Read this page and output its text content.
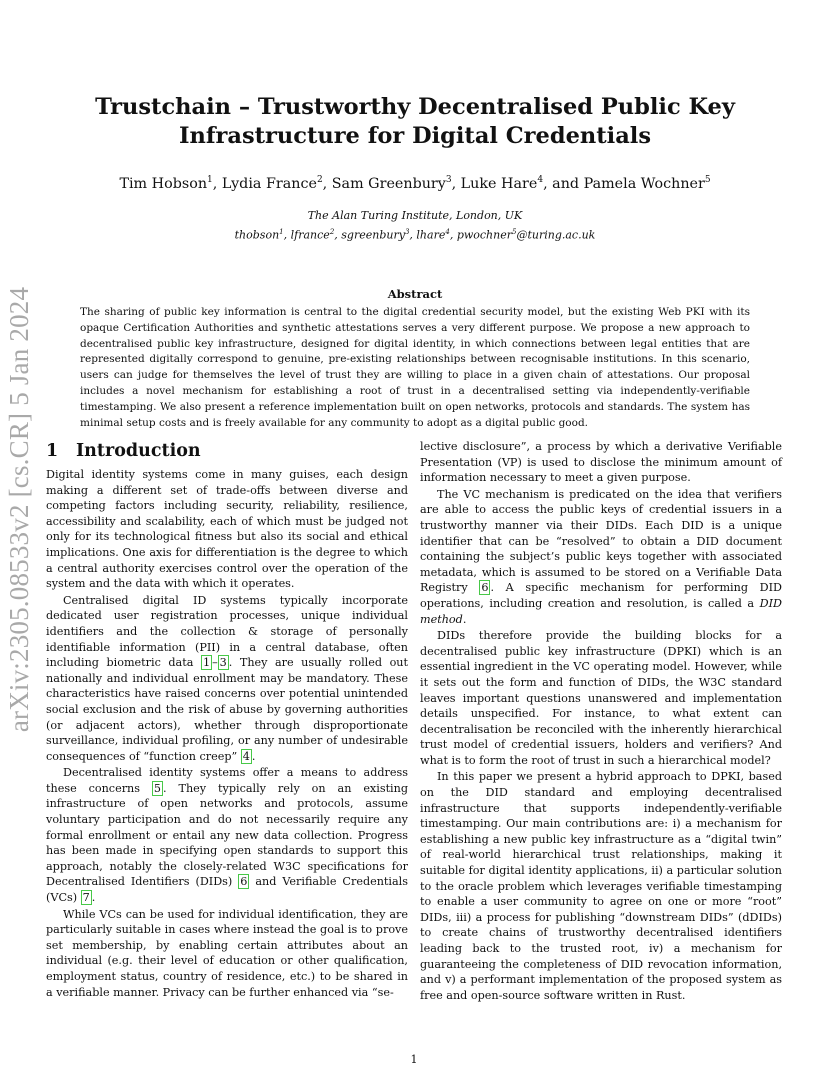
arXiv:2305.08533v2 [cs.CR] 5 Jan 2024
Trustchain – Trustworthy Decentralised Public Key Infrastructure for Digital Credentials
Tim Hobson$^1$, Lydia France$^2$, Sam Greenbury$^3$, Luke Hare$^4$, and Pamela Wochner$^5$
The Alan Turing Institute, London, UK
thobson$^1$, lfrance$^2$, sgreenbury$^3$, lhare$^4$, pwochner$^5$@turing.ac.uk
Abstract

The sharing of public key information is central to the digital credential security model, but the existing Web PKI with its opaque Certification Authorities and synthetic attestations serves a very different purpose. We propose a new approach to decentralised public key infrastructure, designed for digital identity, in which connections between legal entities that are represented digitally correspond to genuine, pre-existing relationships between recognisable institutions. In this scenario, users can judge for themselves the level of trust they are willing to place in a given chain of attestations. Our proposal includes a novel mechanism for establishing a root of trust in a decentralised setting via independently-verifiable timestamping. We also present a reference implementation built on open networks, protocols and standards. The system has minimal setup costs and is freely available for any community to adopt as a digital public good.

1 Introduction

Digital identity systems come in many guises, each design making a different set of trade-offs between diverse and competing factors including security, reliability, resilience, accessibility and scalability, each of which must be judged not only for its technological fitness but also its social and ethical implications. One axis for differentiation is the degree to which a central authority exercises control over the operation of the system and the data with which it operates.

Centralised digital ID systems typically incorporate dedicated user registration processes, unique individual identifiers and the collection & storage of personally identifiable information (PII) in a central database, often including biometric data 1 – 3 . They are usually rolled out nationally and individual enrollment may be mandatory. These characteristics have raised concerns over potential unintended social exclusion and the risk of abuse by governing authorities (or adjacent actors), whether through disproportionate surveillance, individual profiling, or any number of undesirable consequences of “function creep” 4 .

Decentralised identity systems offer a means to address these concerns 5 . They typically rely on an existing infrastructure of open networks and protocols, assume voluntary participation and do not necessarily require any formal enrollment or entail any new data collection. Progress has been made in specifying open standards to support this approach, notably the closely-related W3C specifications for Decentralised Identifiers (DIDs) 6 and Verifiable Credentials (VCs) 7 .

While VCs can be used for individual identification, they are particularly suitable in cases where instead the goal is to prove set membership, by enabling certain attributes about an individual (e.g. their level of education or other qualification, employment status, country of residence, etc.) to be shared in a verifiable manner. Privacy can be further enhanced via “se-

lective disclosure”, a process by which a derivative Verifiable Presentation (VP) is used to disclose the minimum amount of information necessary to meet a given purpose.

The VC mechanism is predicated on the idea that verifiers are able to access the public keys of credential issuers in a trustworthy manner via their DIDs. Each DID is a unique identifier that can be “resolved” to obtain a DID document containing the subject’s public keys together with associated metadata, which is assumed to be stored on a Verifiable Data Registry 6 . A specific mechanism for performing DID operations, including creation and resolution, is called a DID method.

DIDs therefore provide the building blocks for a decentralised public key infrastructure (DPKI) which is an essential ingredient in the VC operating model. However, while it sets out the form and function of DIDs, the W3C standard leaves important questions unanswered and implementation details unspecified. For instance, to what extent can decentralisation be reconciled with the inherently hierarchical trust model of credential issuers, holders and verifiers? And what is to form the root of trust in such a hierarchical model?

In this paper we present a hybrid approach to DPKI, based on the DID standard and employing decentralised infrastructure that supports independently-verifiable timestamping. Our main contributions are: i) a mechanism for establishing a new public key infrastructure as a “digital twin” of real-world hierarchical trust relationships, making it suitable for digital identity applications, ii) a particular solution to the oracle problem which leverages verifiable timestamping to enable a user community to agree on one or more “root” DIDs, iii) a process for publishing “downstream DIDs” (dDIDs) to create chains of trustworthy decentralised identifiers leading back to the trusted root, iv) a mechanism for guaranteeing the completeness of DID revocation information, and v) a performant implementation of the proposed system as free and open-source software written in Rust.

1
